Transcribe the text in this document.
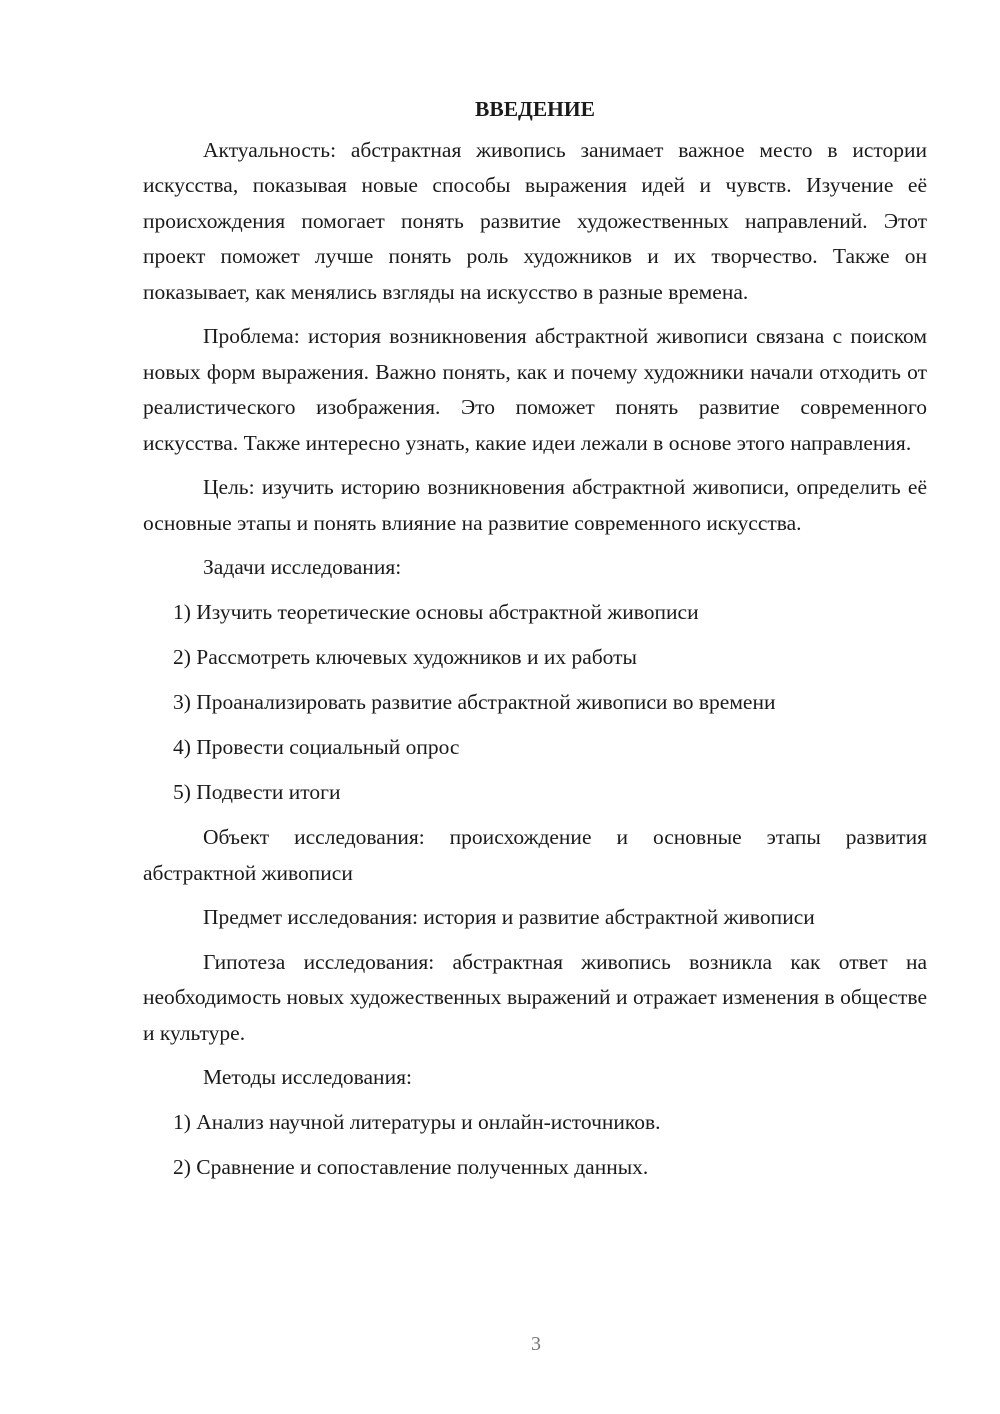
ВВЕДЕНИЕ

Актуальность: абстрактная живопись занимает важное место в истории искусства, показывая новые способы выражения идей и чувств. Изучение её происхождения помогает понять развитие художественных направлений. Этот проект поможет лучше понять роль художников и их творчество. Также он показывает, как менялись взгляды на искусство в разные времена.

Проблема: история возникновения абстрактной живописи связана с поиском новых форм выражения. Важно понять, как и почему художники начали отходить от реалистического изображения. Это поможет понять развитие современного искусства. Также интересно узнать, какие идеи лежали в основе этого направления.

Цель: изучить историю возникновения абстрактной живописи, определить её основные этапы и понять влияние на развитие современного искусства.

Задачи исследования:
1) Изучить теоретические основы абстрактной живописи
2) Рассмотреть ключевых художников и их работы
3) Проанализировать развитие абстрактной живописи во времени
4) Провести социальный опрос
5) Подвести итоги

Объект исследования: происхождение и основные этапы развития абстрактной живописи

Предмет исследования: история и развитие абстрактной живописи

Гипотеза исследования: абстрактная живопись возникла как ответ на необходимость новых художественных выражений и отражает изменения в обществе и культуре.

Методы исследования:
1) Анализ научной литературы и онлайн-источников.
2) Сравнение и сопоставление полученных данных.
3
